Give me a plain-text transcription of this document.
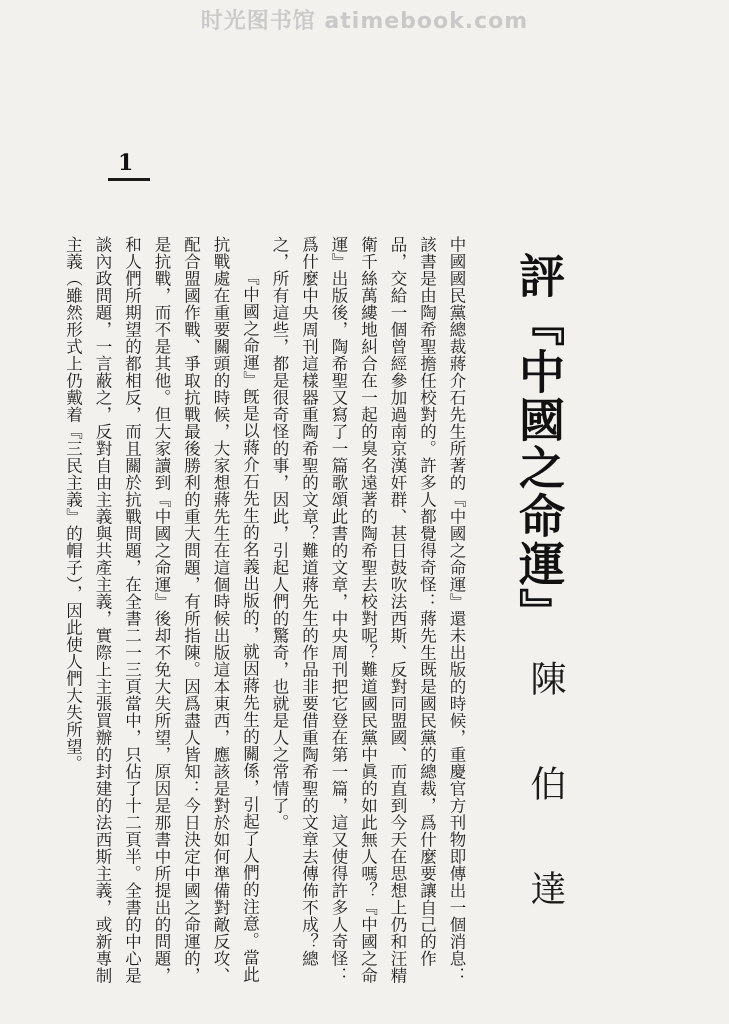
时光图书馆 atimebook.com
1
評『中國之命運』
陳 伯 達

中國國民黨總裁蔣介石先生所著的『中國之命運』還未出版的時候，重慶官方刊物即傳出一個消息：該書是由陶希聖擔任校對的。許多人都覺得奇怪：蔣先生既是國民黨的總裁，爲什麼要讓自己的作品，交給一個曾經參加過南京漢奸群、甚日鼓吹法西斯、反對同盟國、而直到今天在思想上仍和汪精衛千絲萬縷地糾合在一起的臭名遠著的陶希聖去校對呢？難道國民黨中眞的如此無人嗎？『中國之命運』出版後，陶希聖又寫了一篇歌頌此書的文章，中央周刊把它登在第一篇，這又使得許多人奇怪：爲什麼中央周刊這樣器重陶希聖的文章？難道蔣先生的作品非要借重陶希聖的文章去傳佈不成？總之，所有這些，都是很奇怪的事，因此，引起人們的驚奇，也就是人之常情了。

『中國之命運』旣是以蔣介石先生的名義出版的，就因蔣先生的關係，引起了人們的注意。當此抗戰處在重要關頭的時候，大家想蔣先生在這個時候出版這本東西，應該是對於如何準備對敵反攻、配合盟國作戰、爭取抗戰最後勝利的重大問題，有所指陳。因爲盡人皆知：今日決定中國之命運的，是抗戰，而不是其他。但大家讀到『中國之命運』後却不免大失所望，原因是那書中所提出的問題，和人們所期望的都相反，而且關於抗戰問題，在全書二一三頁當中，只佔了十二頁半。全書的中心是談內政問題，一言蔽之，反對自由主義與共產主義，實際上主張買辦的封建的法西斯主義，或新專制主義（雖然形式上仍戴着『三民主義』的帽子），因此使人們大失所望。
